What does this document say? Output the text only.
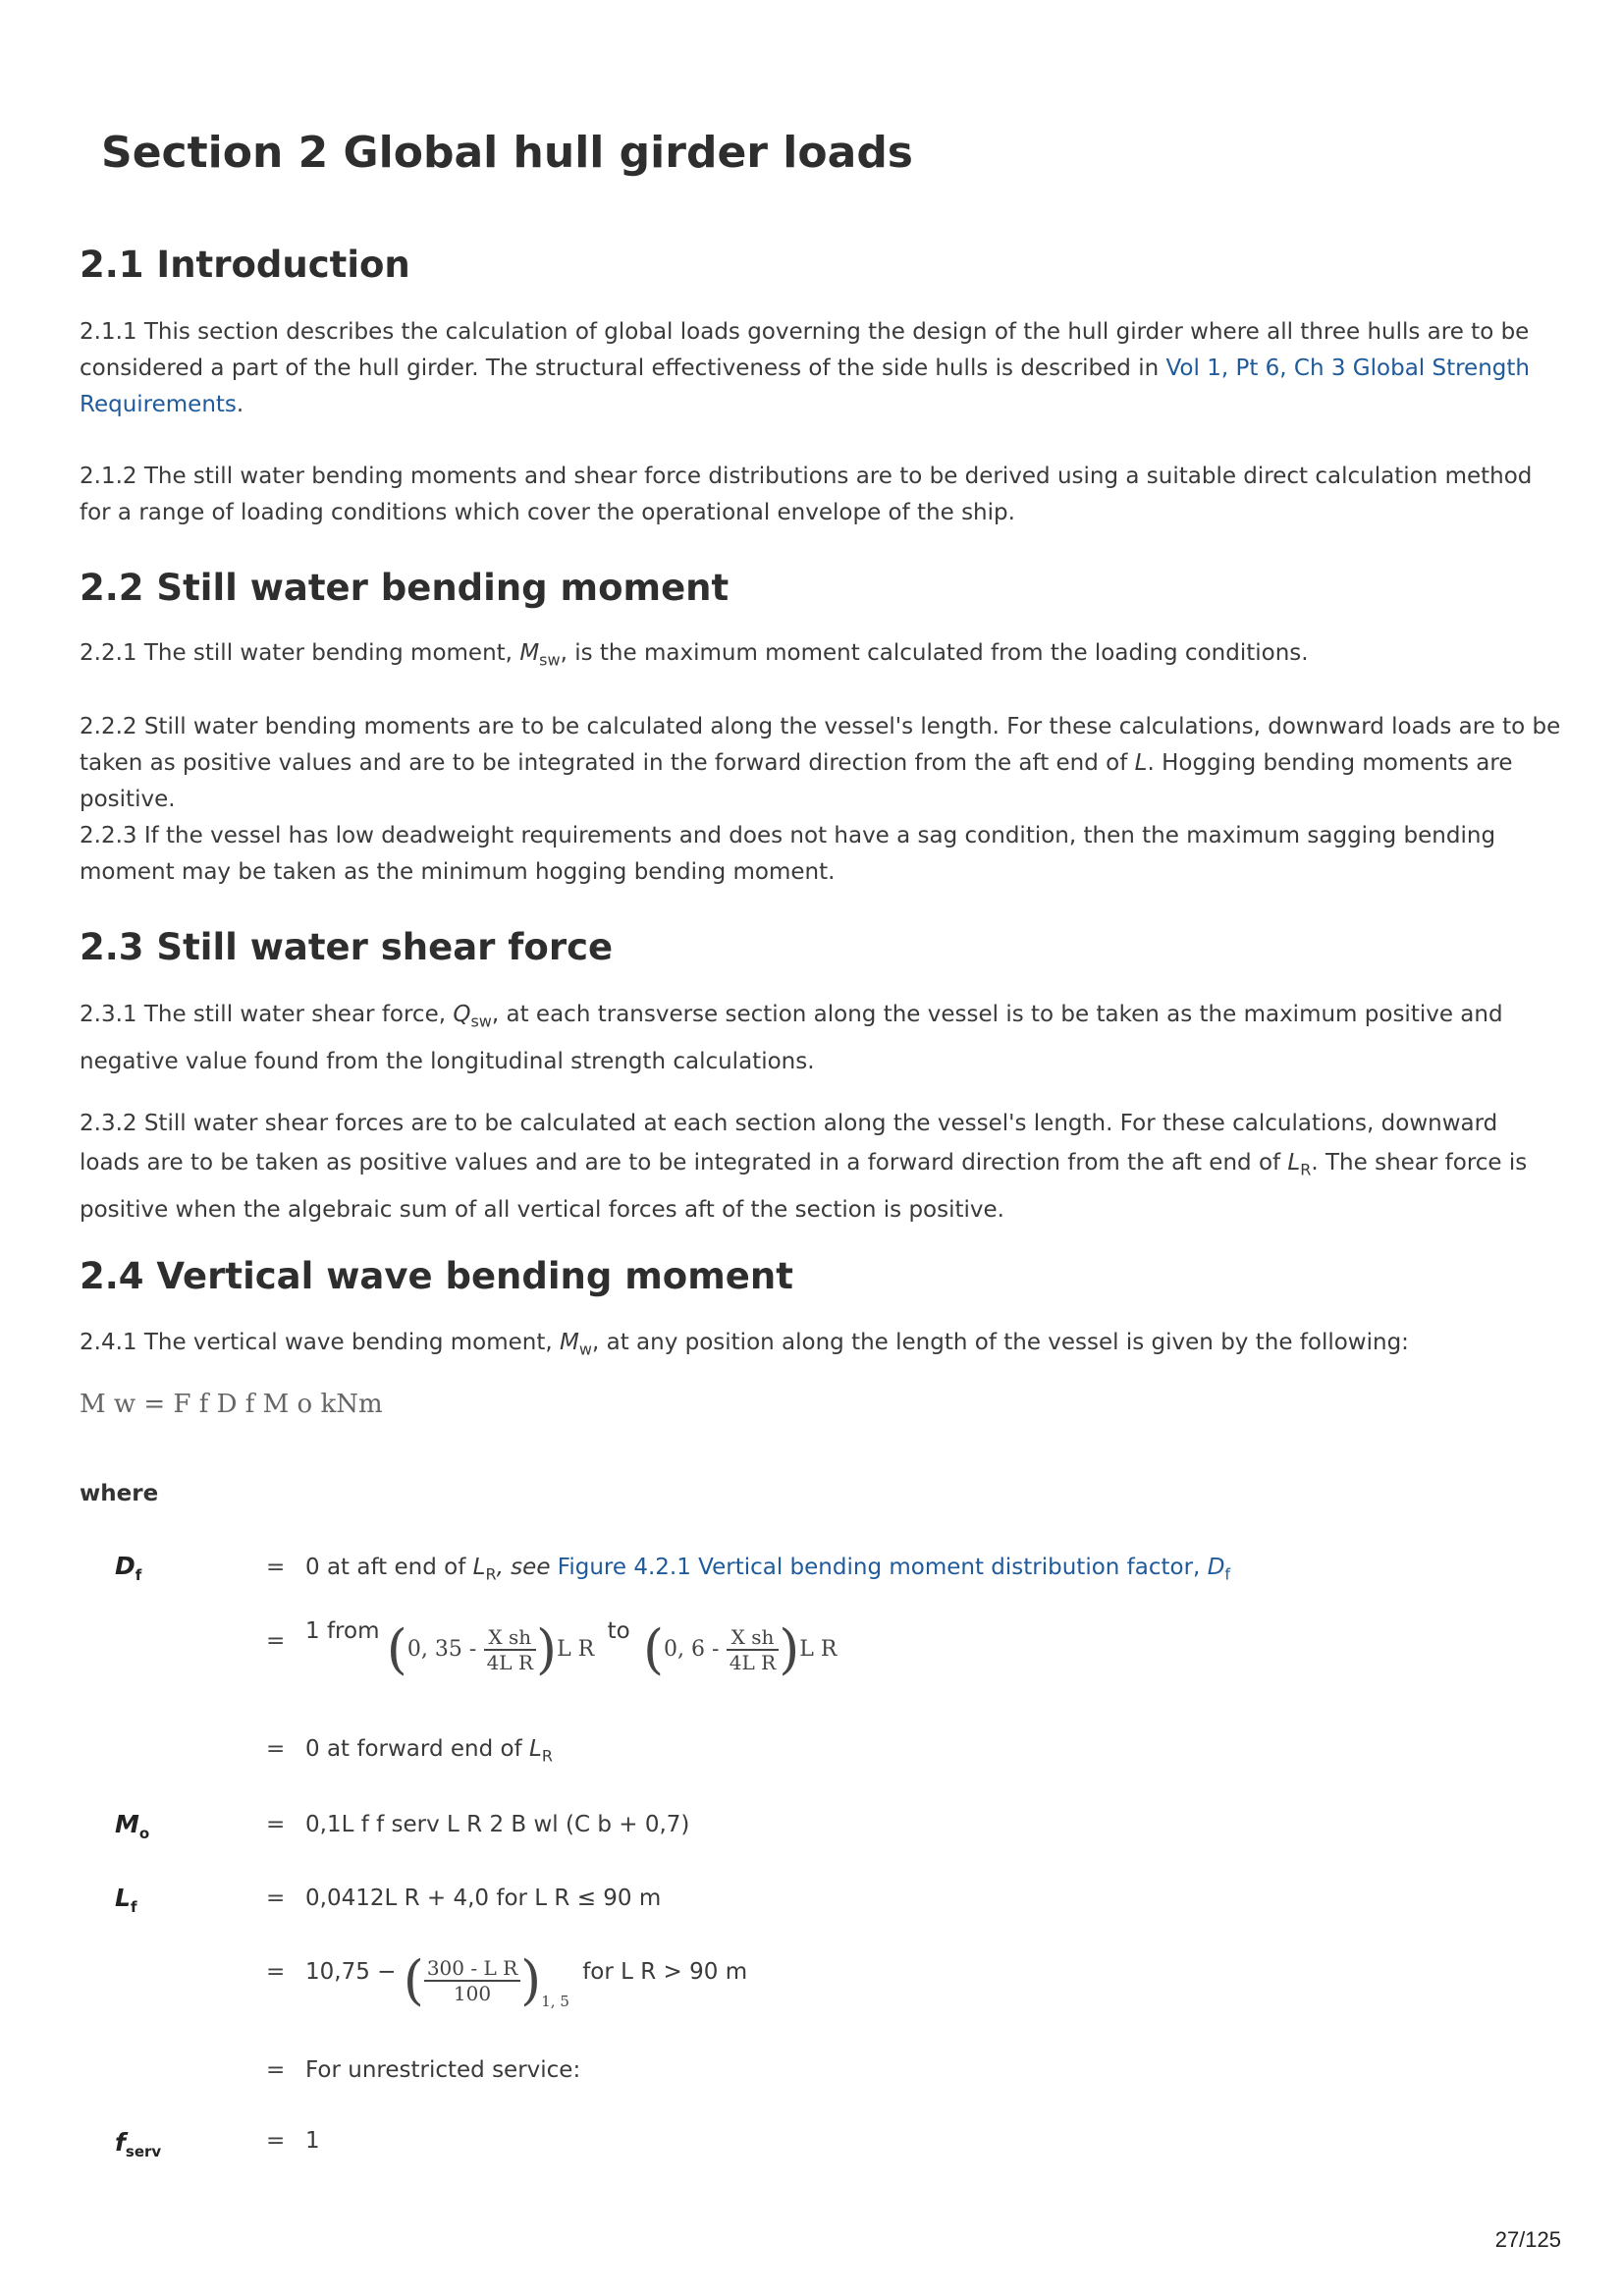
Section 2 Global hull girder loads
2.1 Introduction

2.1.1 This section describes the calculation of global loads governing the design of the hull girder where all three hulls are to be considered a part of the hull girder. The structural effectiveness of the side hulls is described in Vol 1, Pt 6, Ch 3 Global Strength Requirements.

2.1.2 The still water bending moments and shear force distributions are to be derived using a suitable direct calculation method for a range of loading conditions which cover the operational envelope of the ship.

2.2 Still water bending moment

2.2.1 The still water bending moment, $M_{sw}$, is the maximum moment calculated from the loading conditions.

2.2.2 Still water bending moments are to be calculated along the vessel's length. For these calculations, downward loads are to be taken as positive values and are to be integrated in the forward direction from the aft end of L. Hogging bending moments are positive.

2.2.3 If the vessel has low deadweight requirements and does not have a sag condition, then the maximum sagging bending moment may be taken as the minimum hogging bending moment.

2.3 Still water shear force

2.3.1 The still water shear force, $Q_{sw}$, at each transverse section along the vessel is to be taken as the maximum positive and negative value found from the longitudinal strength calculations.

2.3.2 Still water shear forces are to be calculated at each section along the vessel's length. For these calculations, downward loads are to be taken as positive values and are to be integrated in a forward direction from the aft end of $L_R$. The shear force is positive when the algebraic sum of all vertical forces aft of the section is positive.

2.4 Vertical wave bending moment

2.4.1 The vertical wave bending moment, $M_w$, at any position along the length of the vessel is given by the following:

M w = F f D f M o kNm
where
$D_f$	= 0 at aft end of $L_R$, see Figure 4.2.1 Vertical bending moment distribution factor, $D_f$
= 1 from (0, $35 - \frac{\text{X sh}}{\text{4L R}} )L$ R to (0, $6 - \frac{\text{X sh}}{\text{4L R}} )L$ R
= 0 at forward end of $L_R$
$M_o$	= 0,1L f f serv L R 2 B wl (C b + 0,7)
$L_f$	= 0,0412L R + 4,0 for L R ≤ 90 m
= 10,75 − ( $\frac{\text{300 - L R}}{100} )_{1, 5}$ for L R > 90 m
= For unrestricted service:
$f_{serv}$	= 1
27/125
